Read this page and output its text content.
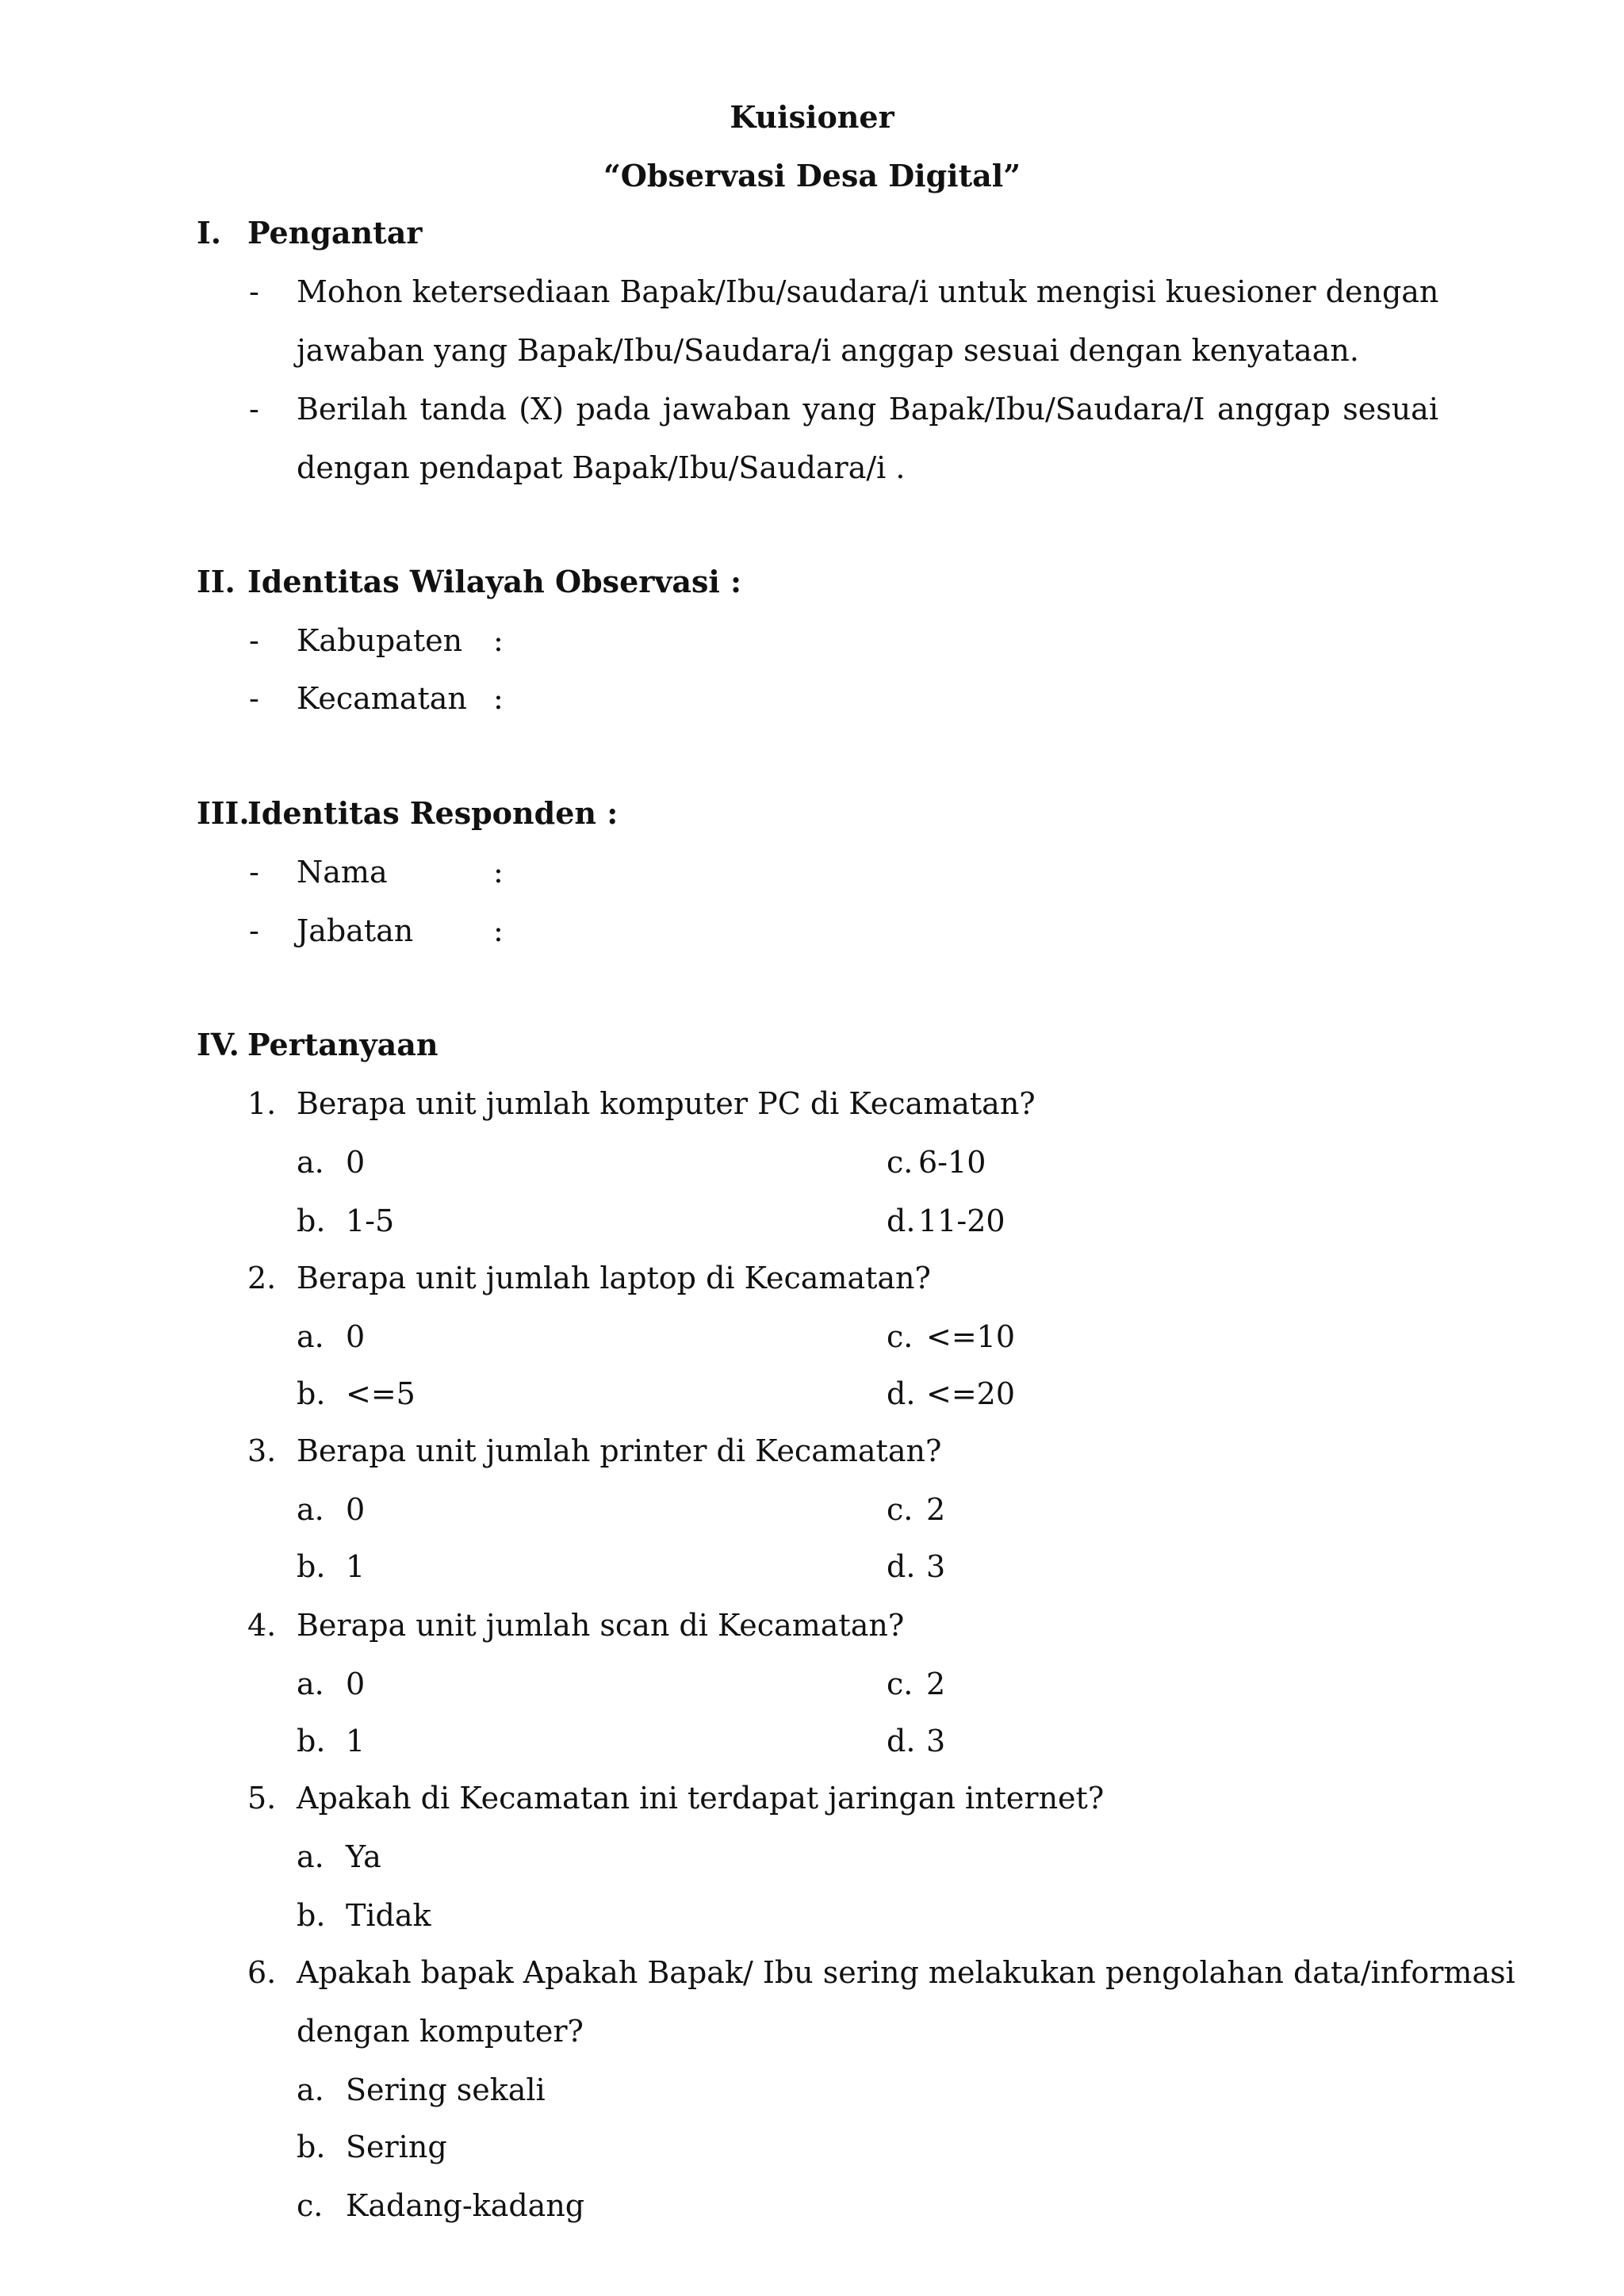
Kuisioner
“Observasi Desa Digital”
I. Pengantar
- Mohon ketersediaan Bapak/Ibu/saudara/i untuk mengisi kuesioner dengan
jawaban yang Bapak/Ibu/Saudara/i anggap sesuai dengan kenyataan.
- Berilah tanda (X) pada jawaban yang Bapak/Ibu/Saudara/I anggap sesuai
dengan pendapat Bapak/Ibu/Saudara/i .
II. Identitas Wilayah Observasi :
- Kabupaten :
- Kecamatan :
III.
Identitas Responden :
- Nama	:
- Jabatan	:
IV. Pertanyaan
1. Berapa unit jumlah komputer PC di Kecamatan?
a. 0	c. 6-10
b. 1-5	d. 11-20
2. Berapa unit jumlah laptop di Kecamatan?
a. 0	c. <=10
b. <=5	d. <=20
3. Berapa unit jumlah printer di Kecamatan?
a. 0	c. 2
b. 1	d. 3
4. Berapa unit jumlah scan di Kecamatan?
a. 0	c. 2
b. 1	d. 3
5. Apakah di Kecamatan ini terdapat jaringan internet?
a. Ya
b. Tidak
6. Apakah bapak Apakah Bapak/ Ibu sering melakukan pengolahan data/informasi
dengan komputer?
a. Sering sekali
b. Sering
c. Kadang-kadang
